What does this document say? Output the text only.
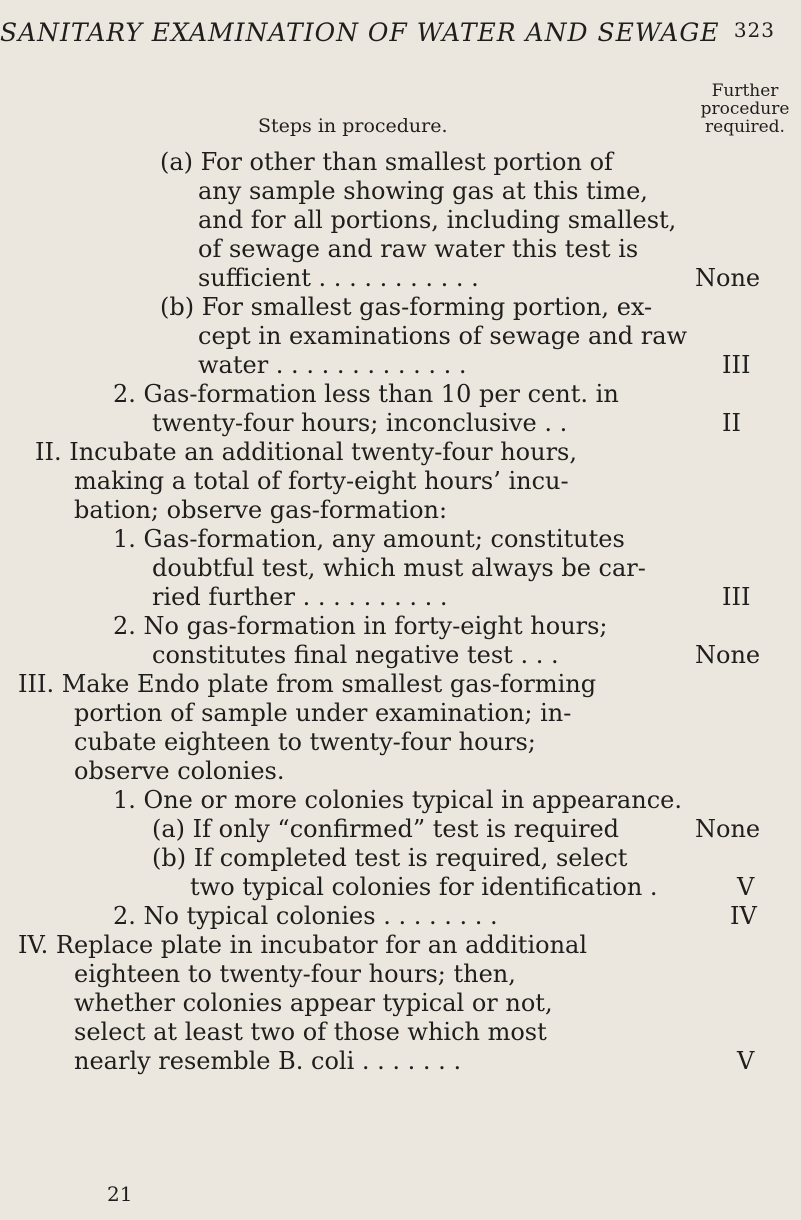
SANITARY EXAMINATION OF WATER AND SEWAGE 323
Further
procedure
required.
Steps in procedure.
(a) For other than smallest portion of
any sample showing gas at this time,
and for all portions, including smallest,
of sewage and raw water this test is
sufficient . . . . . . . . . . .
(b) For smallest gas-forming portion, ex-
cept in examinations of sewage and raw
water . . . . . . . . . . . . .
2. Gas-formation less than 10 per cent. in
twenty-four hours; inconclusive . .
II. Incubate an additional twenty-four hours,
making a total of forty-eight hours’ incu-
bation; observe gas-formation:
1. Gas-formation, any amount; constitutes
doubtful test, which must always be car-
ried further . . . . . . . . . .
2. No gas-formation in forty-eight hours;
constitutes final negative test . . .
III. Make Endo plate from smallest gas-forming
portion of sample under examination; in-
cubate eighteen to twenty-four hours;
observe colonies.
1. One or more colonies typical in appearance.
(a) If only “confirmed” test is required
(b) If completed test is required, select
two typical colonies for identification .
2. No typical colonies . . . . . . . .
IV. Replace plate in incubator for an additional
eighteen to twenty-four hours; then,
whether colonies appear typical or not,
select at least two of those which most
nearly resemble B. coli . . . . . . .
None
III
II
III
None
None
V
IV
V
21
